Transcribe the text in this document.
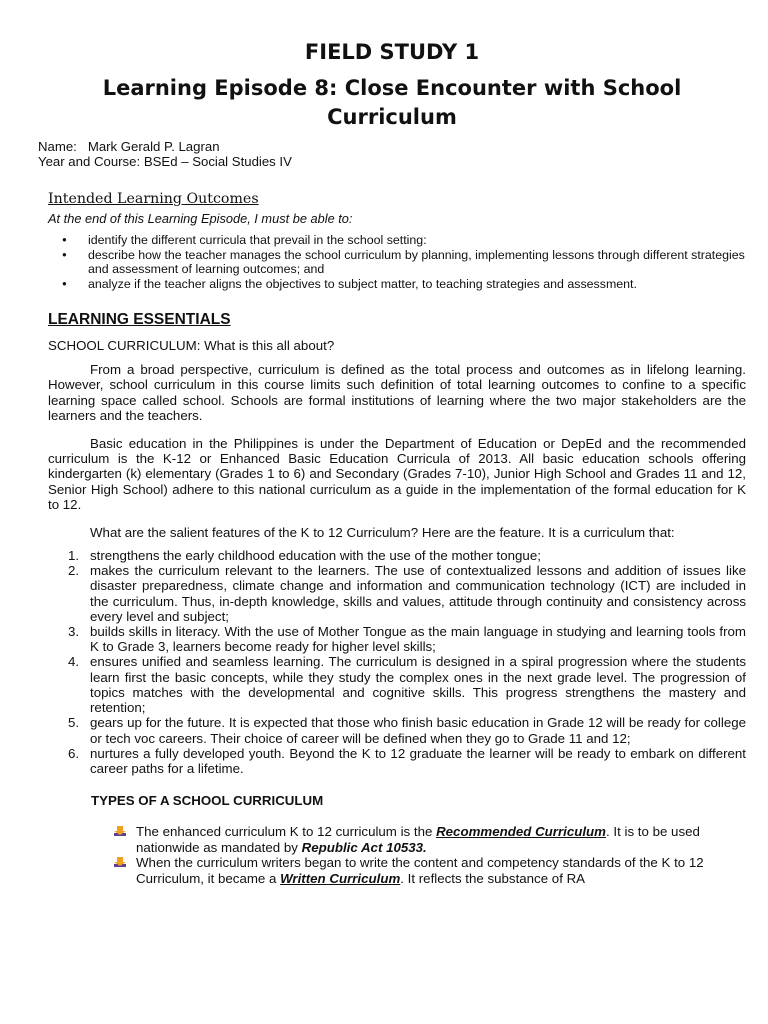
FIELD STUDY 1
Learning Episode 8: Close Encounter with School Curriculum
Name:   Mark Gerald P. Lagran
Year and Course: BSEd – Social Studies IV
Intended Learning Outcomes
At the end of this Learning Episode, I must be able to:
● identify the different curricula that prevail in the school setting:
● describe how the teacher manages the school curriculum by planning, implementing lessons through different strategies and assessment of learning outcomes; and
● analyze if the teacher aligns the objectives to subject matter, to teaching strategies and assessment.
LEARNING ESSENTIALS
SCHOOL CURRICULUM: What is this all about?

From a broad perspective, curriculum is defined as the total process and outcomes as in lifelong learning. However, school curriculum in this course limits such definition of total learning outcomes to confine to a specific learning space called school. Schools are formal institutions of learning where the two major stakeholders are the learners and the teachers.

Basic education in the Philippines is under the Department of Education or DepEd and the recommended curriculum is the K-12 or Enhanced Basic Education Curricula of 2013. All basic education schools offering kindergarten (k) elementary (Grades 1 to 6) and Secondary (Grades 7-10), Junior High School and Grades 11 and 12, Senior High School) adhere to this national curriculum as a guide in the implementation of the formal education for K to 12.

What are the salient features of the K to 12 Curriculum? Here are the feature. It is a curriculum that:

1. strengthens the early childhood education with the use of the mother tongue;
2. makes the curriculum relevant to the learners. The use of contextualized lessons and addition of issues like disaster preparedness, climate change and information and communication technology (ICT) are included in the curriculum. Thus, in-depth knowledge, skills and values, attitude through continuity and consistency across every level and subject;
3. builds skills in literacy. With the use of Mother Tongue as the main language in studying and learning tools from K to Grade 3, learners become ready for higher level skills;
4. ensures unified and seamless learning. The curriculum is designed in a spiral progression where the students learn first the basic concepts, while they study the complex ones in the next grade level. The progression of topics matches with the developmental and cognitive skills. This progress strengthens the mastery and retention;
5. gears up for the future. It is expected that those who finish basic education in Grade 12 will be ready for college or tech voc careers. Their choice of career will be defined when they go to Grade 11 and 12;
6. nurtures a fully developed youth. Beyond the K to 12 graduate the learner will be ready to embark on different career paths for a lifetime.
TYPES OF A SCHOOL CURRICULUM
The enhanced curriculum K to 12 curriculum is the Recommended Curriculum. It is to be used nationwide as mandated by Republic Act 10533.
When the curriculum writers began to write the content and competency standards of the K to 12 Curriculum, it became a Written Curriculum. It reflects the substance of RA
